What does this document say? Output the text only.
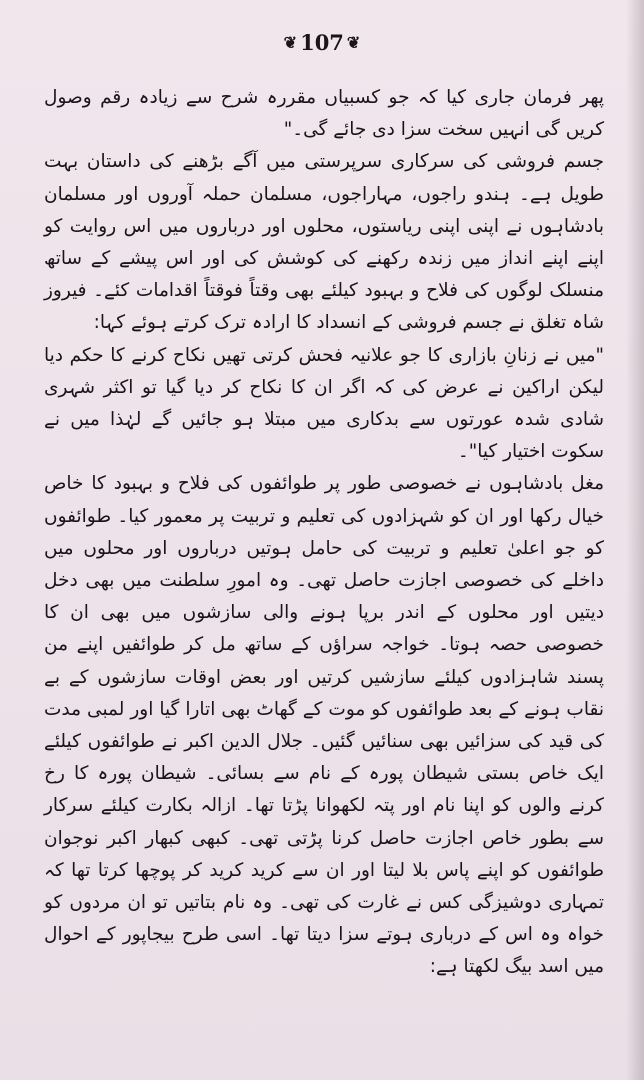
❦ 107 ❦

پھر فرمان جاری کیا کہ جو کسبیاں مقررہ شرح سے زیادہ رقم وصول کریں گی انہیں سخت سزا دی جائے گی۔"

جسم فروشی کی سرکاری سرپرستی میں آگے بڑھنے کی داستان بہت طویل ہے۔ ہندو راجوں، مہاراجوں، مسلمان حملہ آوروں اور مسلمان بادشاہوں نے اپنی اپنی ریاستوں، محلوں اور درباروں میں اس روایت کو اپنے اپنے انداز میں زندہ رکھنے کی کوشش کی اور اس پیشے کے ساتھ منسلک لوگوں کی فلاح و بہبود کیلئے بھی وقتاً فوقتاً اقدامات کئے۔ فیروز شاہ تغلق نے جسم فروشی کے انسداد کا ارادہ ترک کرتے ہوئے کہا:

"میں نے زنانِ بازاری کا جو علانیہ فحش کرتی تھیں نکاح کرنے کا حکم دیا لیکن اراکین نے عرض کی کہ اگر ان کا نکاح کر دیا گیا تو اکثر شہری شادی شدہ عورتوں سے بدکاری میں مبتلا ہو جائیں گے لہٰذا میں نے سکوت اختیار کیا"۔

مغل بادشاہوں نے خصوصی طور پر طوائفوں کی فلاح و بہبود کا خاص خیال رکھا اور ان کو شہزادوں کی تعلیم و تربیت پر معمور کیا۔ طوائفوں کو جو اعلیٰ تعلیم و تربیت کی حامل ہوتیں درباروں اور محلوں میں داخلے کی خصوصی اجازت حاصل تھی۔ وہ امورِ سلطنت میں بھی دخل دیتیں اور محلوں کے اندر برپا ہونے والی سازشوں میں بھی ان کا خصوصی حصہ ہوتا۔ خواجہ سراؤں کے ساتھ مل کر طوائفیں اپنے من پسند شاہزادوں کیلئے سازشیں کرتیں اور بعض اوقات سازشوں کے بے نقاب ہونے کے بعد طوائفوں کو موت کے گھاٹ بھی اتارا گیا اور لمبی مدت کی قید کی سزائیں بھی سنائیں گئیں۔ جلال الدین اکبر نے طوائفوں کیلئے ایک خاص بستی شیطان پورہ کے نام سے بسائی۔ شیطان پورہ کا رخ کرنے والوں کو اپنا نام اور پتہ لکھوانا پڑتا تھا۔ ازالہ بکارت کیلئے سرکار سے بطور خاص اجازت حاصل کرنا پڑتی تھی۔ کبھی کبھار اکبر نوجوان طوائفوں کو اپنے پاس بلا لیتا اور ان سے کرید کرید کر پوچھا کرتا تھا کہ تمہاری دوشیزگی کس نے غارت کی تھی۔ وہ نام بتاتیں تو ان مردوں کو خواہ وہ اس کے درباری ہوتے سزا دیتا تھا۔ اسی طرح بیجاپور کے احوال میں اسد بیگ لکھتا ہے:
